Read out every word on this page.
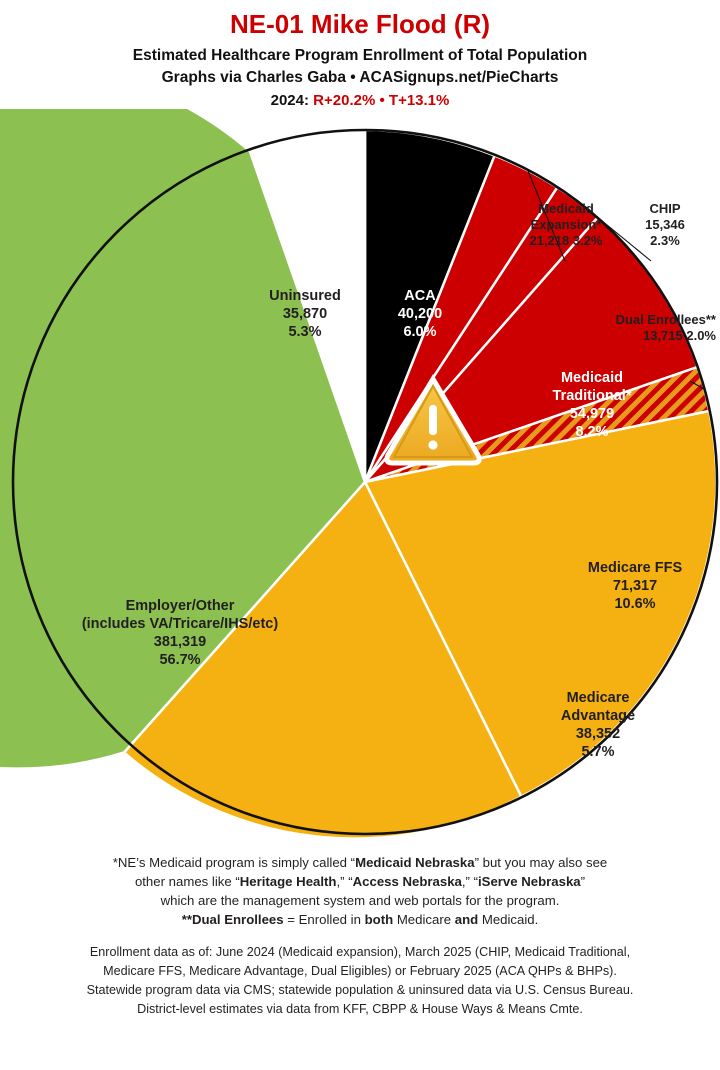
NE-01 Mike Flood (R)
Estimated Healthcare Program Enrollment of Total Population
Graphs via Charles Gaba • ACASignups.net/PieCharts
2024: R+20.2% • T+13.1%
Uninsured
35,870
5.3%
ACA
40,200
6.0%
Medicaid
Expansion*
21,218 3.2%
CHIP
15,346
2.3%
Dual Enrollees**
13,715 2.0%
Medicaid
Traditional*
54,979
8.2%
Medicare FFS
71,317
10.6%
Medicare
Advantage
38,352
5.7%
Employer/Other
(includes VA/Tricare/IHS/etc)
381,319
56.7%
*NE’s Medicaid program is simply called “Medicaid Nebraska” but you may also see
other names like “Heritage Health,” “Access Nebraska,” “iServe Nebraska”
which are the management system and web portals for the program.
**Dual Enrollees = Enrolled in both Medicare and Medicaid.
Enrollment data as of: June 2024 (Medicaid expansion), March 2025 (CHIP, Medicaid Traditional,
Medicare FFS, Medicare Advantage, Dual Eligibles) or February 2025 (ACA QHPs & BHPs).
Statewide program data via CMS; statewide population & uninsured data via U.S. Census Bureau.
District-level estimates via data from KFF, CBPP & House Ways & Means Cmte.
